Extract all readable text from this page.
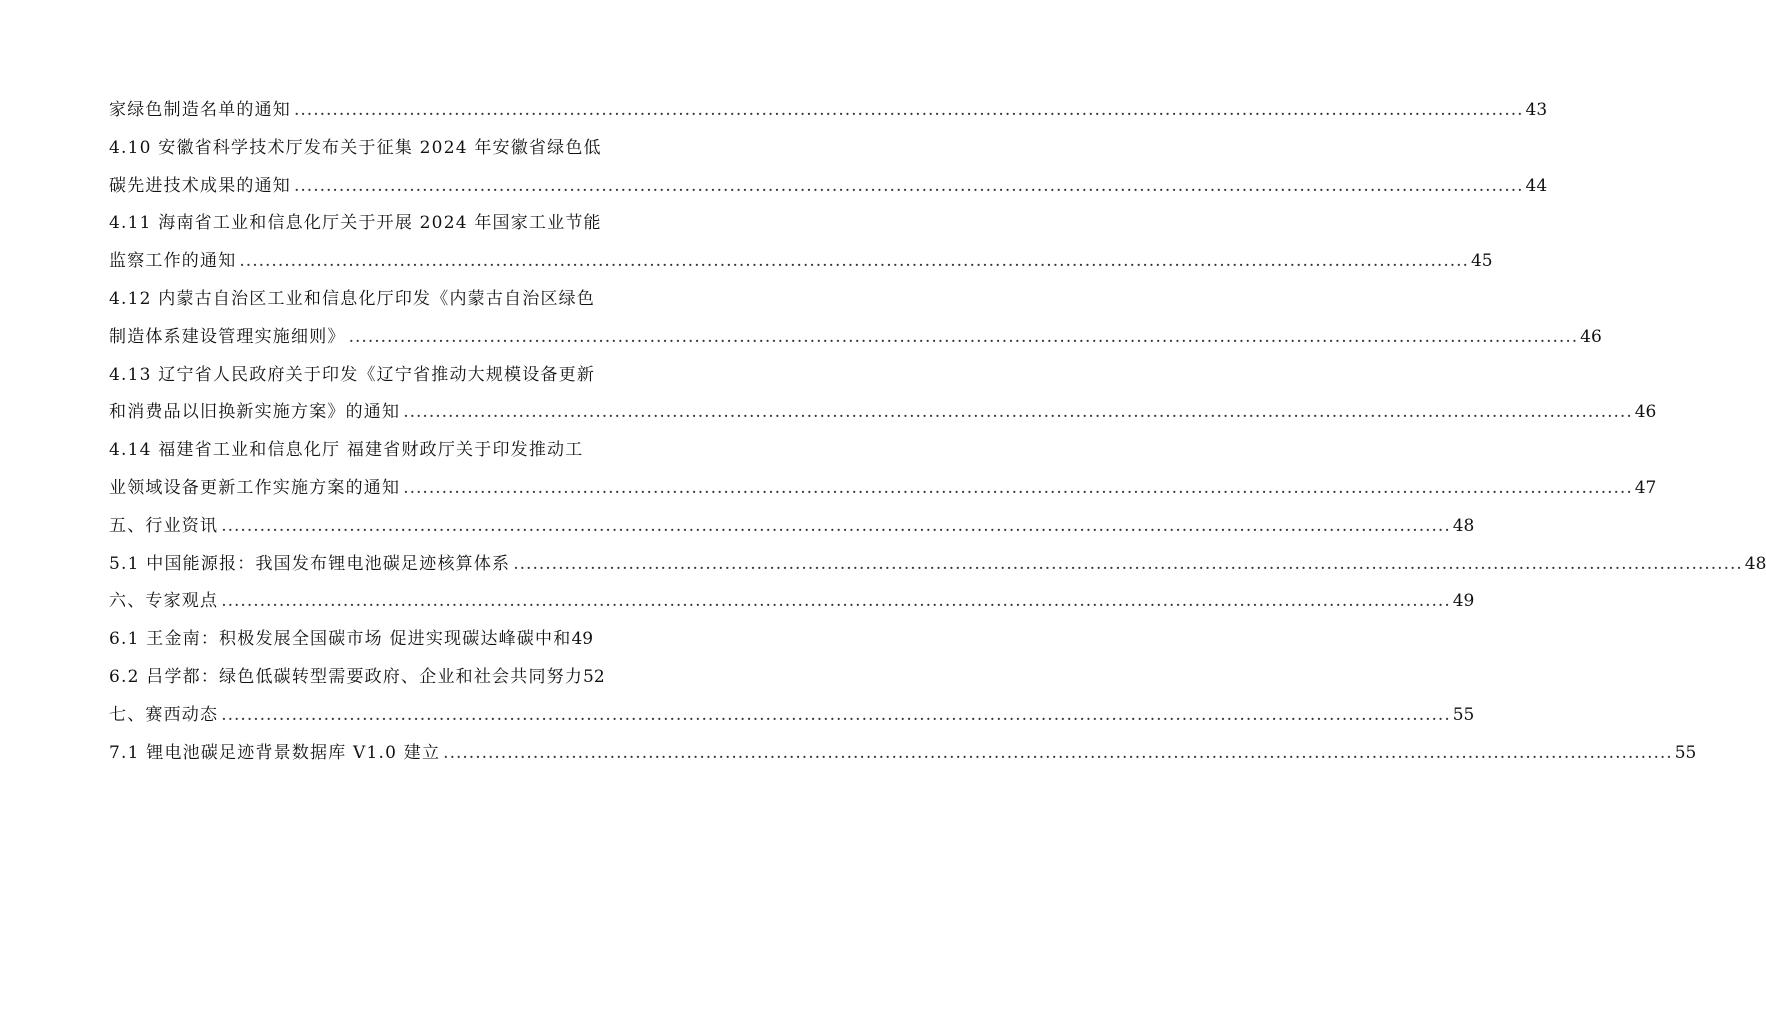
家绿色制造名单的通知 .....	43
4.10 安徽省科学技术厅发布关于征集 2024 年安徽省绿色低
碳先进技术成果的通知 .....	44
4.11 海南省工业和信息化厅关于开展 2024 年国家工业节能
监察工作的通知 .....	45
4.12 内蒙古自治区工业和信息化厅印发《内蒙古自治区绿色
制造体系建设管理实施细则》 .....	46
4.13 辽宁省人民政府关于印发《辽宁省推动大规模设备更新
和消费品以旧换新实施方案》的通知 .....	46
4.14 福建省工业和信息化厅 福建省财政厅关于印发推动工
业领域设备更新工作实施方案的通知 .....	47
五、行业资讯 .....	48
5.1 中国能源报：我国发布锂电池碳足迹核算体系 .....	48
六、专家观点 .....	49
6.1 王金南：积极发展全国碳市场 促进实现碳达峰碳中和 49
6.2 吕学都：绿色低碳转型需要政府、企业和社会共同努力 52
七、赛西动态 .....	55
7.1 锂电池碳足迹背景数据库 V1.0 建立 .....	55
